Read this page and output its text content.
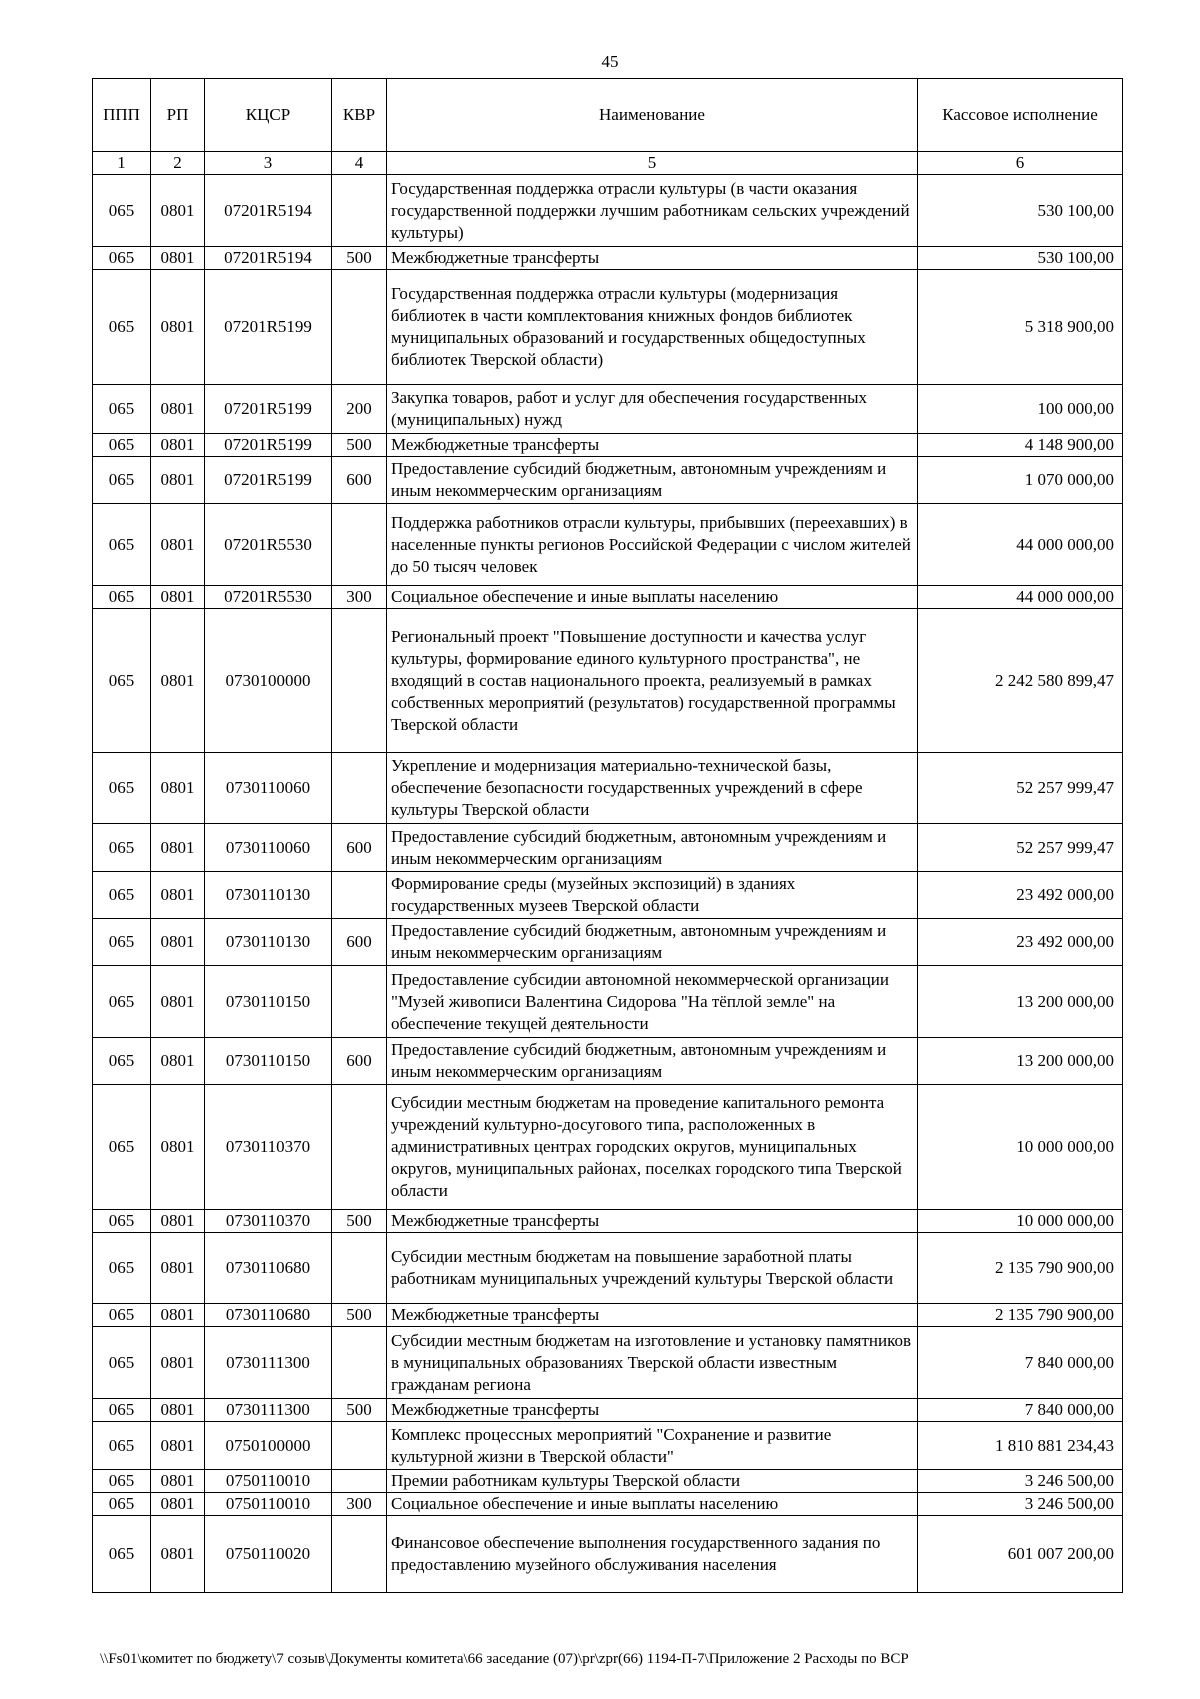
45
ППП	РП	КЦСР	КВР	Наименование	Кассовое исполнение
1	2	3	4	5	6
065	0801	07201R5194		Государственная поддержка отрасли культуры (в части оказания государственной поддержки лучшим работникам сельских учреждений культуры)	530 100,00
065	0801	07201R5194	500	Межбюджетные трансферты	530 100,00
065	0801	07201R5199		Государственная поддержка отрасли культуры (модернизация библиотек в части комплектования книжных фондов библиотек муниципальных образований и государственных общедоступных библиотек Тверской области)	5 318 900,00
065	0801	07201R5199	200	Закупка товаров, работ и услуг для обеспечения государственных (муниципальных) нужд	100 000,00
065	0801	07201R5199	500	Межбюджетные трансферты	4 148 900,00
065	0801	07201R5199	600	Предоставление субсидий бюджетным, автономным учреждениям и иным некоммерческим организациям	1 070 000,00
065	0801	07201R5530		Поддержка работников отрасли культуры, прибывших (переехавших) в населенные пункты регионов Российской Федерации с числом жителей до 50 тысяч человек	44 000 000,00
065	0801	07201R5530	300	Социальное обеспечение и иные выплаты населению	44 000 000,00
065	0801	0730100000		Региональный проект "Повышение доступности и качества услуг культуры, формирование единого культурного пространства", не входящий в состав национального проекта, реализуемый в рамках собственных мероприятий (результатов) государственной программы Тверской области	2 242 580 899,47
065	0801	0730110060		Укрепление и модернизация материально-технической базы, обеспечение безопасности государственных учреждений в сфере культуры Тверской области	52 257 999,47
065	0801	0730110060	600	Предоставление субсидий бюджетным, автономным учреждениям и иным некоммерческим организациям	52 257 999,47
065	0801	0730110130		Формирование среды (музейных экспозиций) в зданиях государственных музеев Тверской области	23 492 000,00
065	0801	0730110130	600	Предоставление субсидий бюджетным, автономным учреждениям и иным некоммерческим организациям	23 492 000,00
065	0801	0730110150		Предоставление субсидии автономной некоммерческой организации "Музей живописи Валентина Сидорова "На тёплой земле" на обеспечение текущей деятельности	13 200 000,00
065	0801	0730110150	600	Предоставление субсидий бюджетным, автономным учреждениям и иным некоммерческим организациям	13 200 000,00
065	0801	0730110370		Субсидии местным бюджетам на проведение капитального ремонта учреждений культурно-досугового типа, расположенных в административных центрах городских округов, муниципальных округов, муниципальных районах, поселках городского типа Тверской области	10 000 000,00
065	0801	0730110370	500	Межбюджетные трансферты	10 000 000,00
065	0801	0730110680		Субсидии местным бюджетам на повышение заработной платы работникам муниципальных учреждений культуры Тверской области	2 135 790 900,00
065	0801	0730110680	500	Межбюджетные трансферты	2 135 790 900,00
065	0801	0730111300		Субсидии местным бюджетам на изготовление и установку памятников в муниципальных образованиях Тверской области известным гражданам региона	7 840 000,00
065	0801	0730111300	500	Межбюджетные трансферты	7 840 000,00
065	0801	0750100000		Комплекс процессных мероприятий "Сохранение и развитие культурной жизни в Тверской области"	1 810 881 234,43
065	0801	0750110010		Премии работникам культуры Тверской области	3 246 500,00
065	0801	0750110010	300	Социальное обеспечение и иные выплаты населению	3 246 500,00
065	0801	0750110020		Финансовое обеспечение выполнения государственного задания по предоставлению музейного обслуживания населения	601 007 200,00
\\Fs01\комитет по бюджету\7 созыв\Документы комитета\66 заседание (07)\pr\zpr(66) 1194-П-7\Приложение 2 Расходы по ВСР
